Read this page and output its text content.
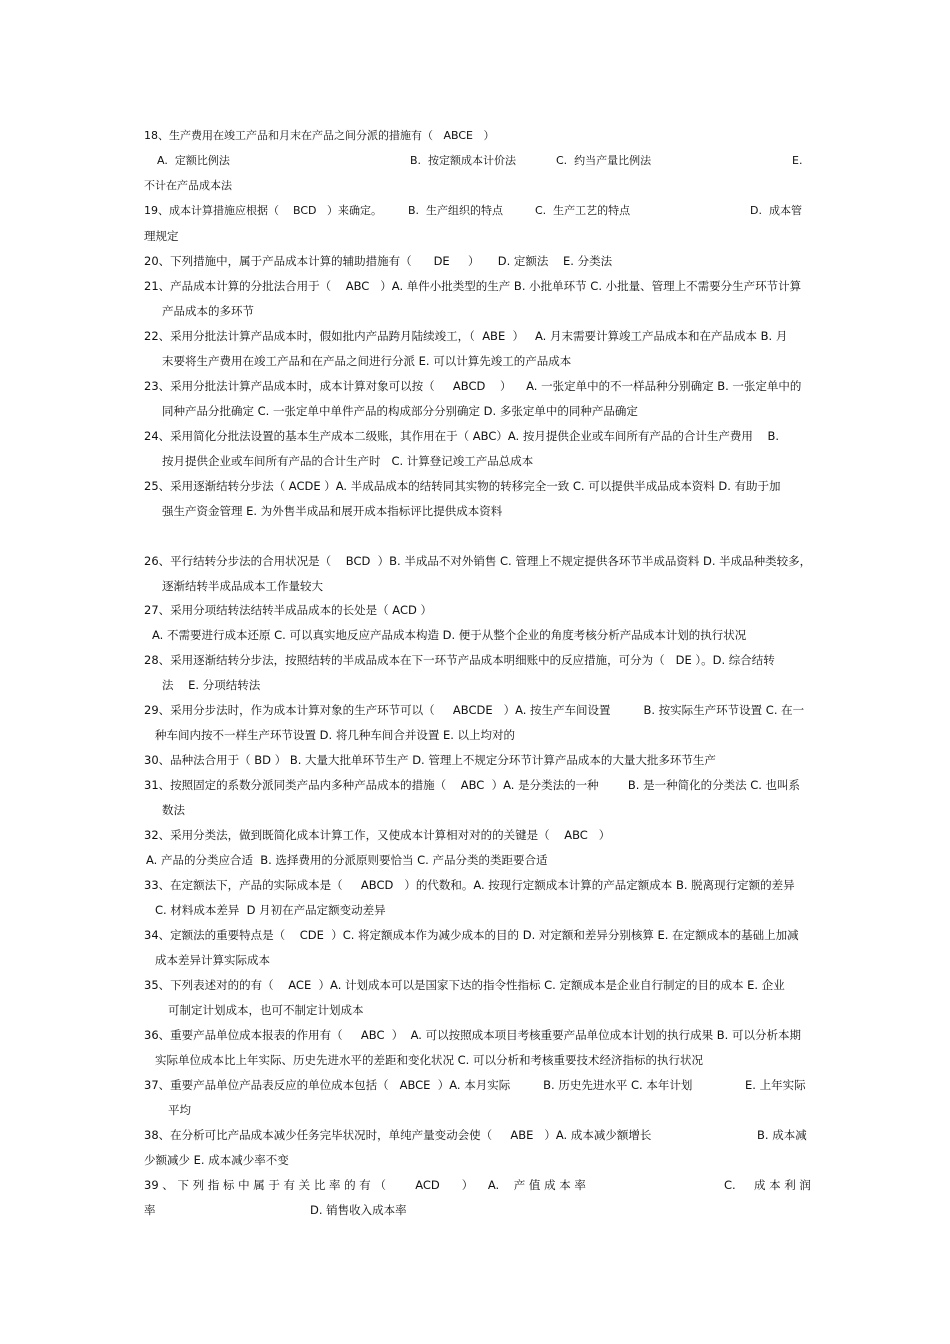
18、生产费用在竣工产品和月末在产品之间分派的措施有（   ABCE   ）
A.  定额比例法	B.  按定额成本计价法	C.  约当产量比例法	E.
不计在产品成本法
19、成本计算措施应根据（    BCD   ）来确定。 B.  生产组织的特点	C.  生产工艺的特点	D.  成本管
理规定
20、下列措施中，属于产品成本计算的辅助措施有（      DE     ）     D. 定额法    E. 分类法
21、产品成本计算的分批法合用于（    ABC   ）A. 单件小批类型的生产 B. 小批单环节 C. 小批量、管理上不需要分生产环节计算
产品成本的多环节
22、采用分批法计算产品成本时，假如批内产品跨月陆续竣工，（  ABE  ）   A. 月末需要计算竣工产品成本和在产品成本 B. 月
末要将生产费用在竣工产品和在产品之间进行分派 E. 可以计算先竣工的产品成本
23、采用分批法计算产品成本时，成本计算对象可以按（     ABCD    ）    A. 一张定单中的不一样品种分别确定 B. 一张定单中的
同种产品分批确定 C. 一张定单中单件产品的构成部分分别确定 D. 多张定单中的同种产品确定
24、采用简化分批法设置的基本生产成本二级账，其作用在于（ ABC）A. 按月提供企业或车间所有产品的合计生产费用    B.
按月提供企业或车间所有产品的合计生产时   C. 计算登记竣工产品总成本
25、采用逐渐结转分步法（ ACDE ）A. 半成品成本的结转同其实物的转移完全一致 C. 可以提供半成品成本资料 D. 有助于加
强生产资金管理 E. 为外售半成品和展开成本指标评比提供成本资料
26、平行结转分步法的合用状况是（    BCD  ）B. 半成品不对外销售 C. 管理上不规定提供各环节半成品资料 D. 半成品种类较多，
逐渐结转半成品成本工作量较大
27、采用分项结转法结转半成品成本的长处是（ ACD ）
A. 不需要进行成本还原 C. 可以真实地反应产品成本构造 D. 便于从整个企业的角度考核分析产品成本计划的执行状况
28、采用逐渐结转分步法，按照结转的半成品成本在下一环节产品成本明细账中的反应措施，可分为（   DE ）。D. 综合结转
法    E. 分项结转法
29、采用分步法时，作为成本计算对象的生产环节可以（     ABCDE   ）A. 按生产车间设置         B. 按实际生产环节设置 C. 在一
种车间内按不一样生产环节设置 D. 将几种车间合并设置 E. 以上均对的
30、品种法合用于（ BD ） B. 大量大批单环节生产 D. 管理上不规定分环节计算产品成本的大量大批多环节生产
31、按照固定的系数分派同类产品内多种产品成本的措施（    ABC  ）A. 是分类法的一种        B. 是一种简化的分类法 C. 也叫系
数法
32、采用分类法，做到既简化成本计算工作，又使成本计算相对对的的关键是（    ABC   ）
A. 产品的分类应合适  B. 选择费用的分派原则要恰当 C. 产品分类的类距要合适
33、在定额法下，产品的实际成本是（     ABCD   ）的代数和。A. 按现行定额成本计算的产品定额成本 B. 脱离现行定额的差异
C. 材料成本差异  D 月初在产品定额变动差异
34、定额法的重要特点是（    CDE  ）C. 将定额成本作为减少成本的目的 D. 对定额和差异分别核算 E. 在定额成本的基础上加减
成本差异计算实际成本
35、下列表述对的的有（    ACE  ）A. 计划成本可以是国家下达的指令性指标 C. 定额成本是企业自行制定的目的成本 E. 企业
可制定计划成本，也可不制定计划成本
36、重要产品单位成本报表的作用有（     ABC  ）  A. 可以按照成本项目考核重要产品单位成本计划的执行成果 B. 可以分析本期
实际单位成本比上年实际、历史先进水平的差距和变化状况 C. 可以分析和考核重要技术经济指标的执行状况
37、重要产品单位产品表反应的单位成本包括（   ABCE  ）A. 本月实际         B. 历史先进水平 C. 本年计划	E. 上年实际
平均
38、在分析可比产品成本减少任务完毕状况时，单纯产量变动会使（     ABE   ）A. 成本减少额增长	B. 成本减
少额减少 E. 成本减少率不变
39 、 下 列 指 标 中 属 于 有 关 比 率 的 有 （        ACD      ）    A.    产 值 成 本 率	C.     成 本 利 润
率	D. 销售收入成本率
